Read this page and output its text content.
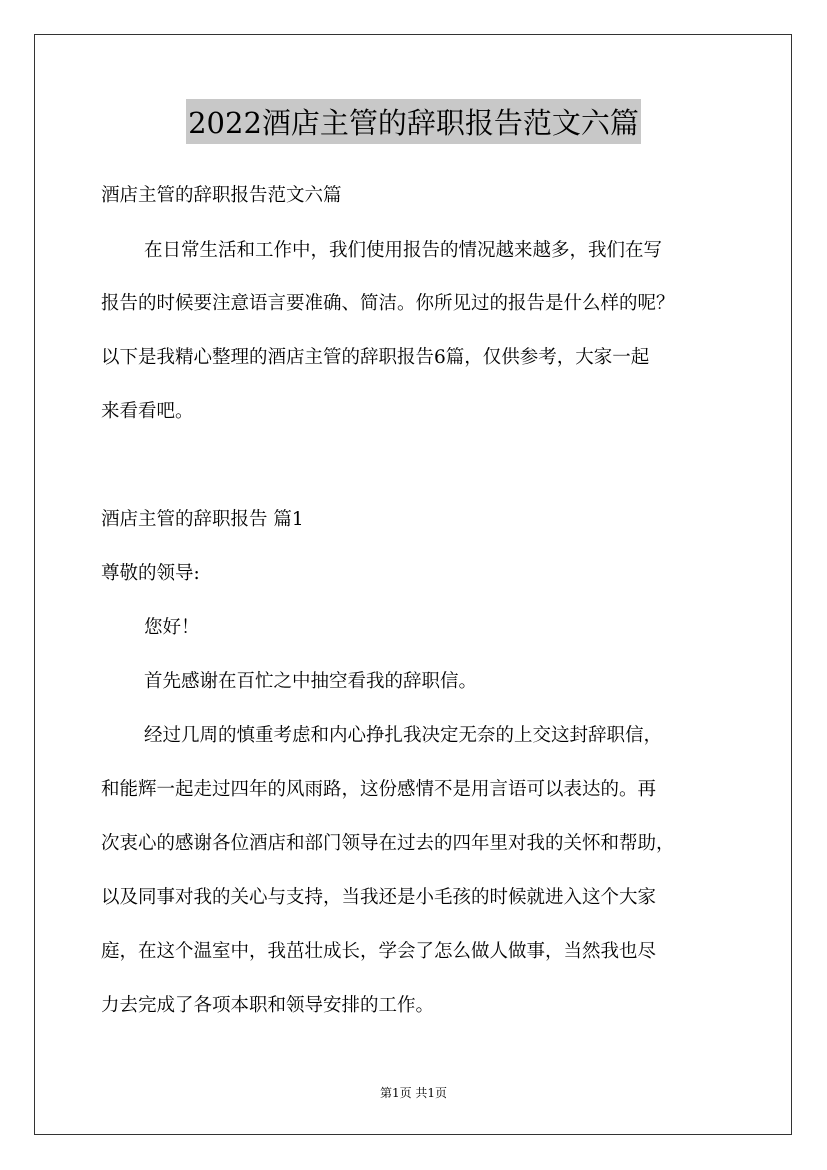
2022酒店主管的辞职报告范文六篇
酒店主管的辞职报告范文六篇
在日常生活和工作中，我们使用报告的情况越来越多，我们在写
报告的时候要注意语言要准确、简洁。你所见过的报告是什么样的呢？
以下是我精心整理的酒店主管的辞职报告6篇，仅供参考，大家一起
来看看吧。
酒店主管的辞职报告 篇1
尊敬的领导:
您好！
首先感谢在百忙之中抽空看我的辞职信。
经过几周的慎重考虑和内心挣扎我决定无奈的上交这封辞职信，
和能辉一起走过四年的风雨路，这份感情不是用言语可以表达的。再
次衷心的感谢各位酒店和部门领导在过去的四年里对我的关怀和帮助，
以及同事对我的关心与支持，当我还是小毛孩的时候就进入这个大家
庭，在这个温室中，我茁壮成长，学会了怎么做人做事，当然我也尽
力去完成了各项本职和领导安排的工作。
第1页 共1页
